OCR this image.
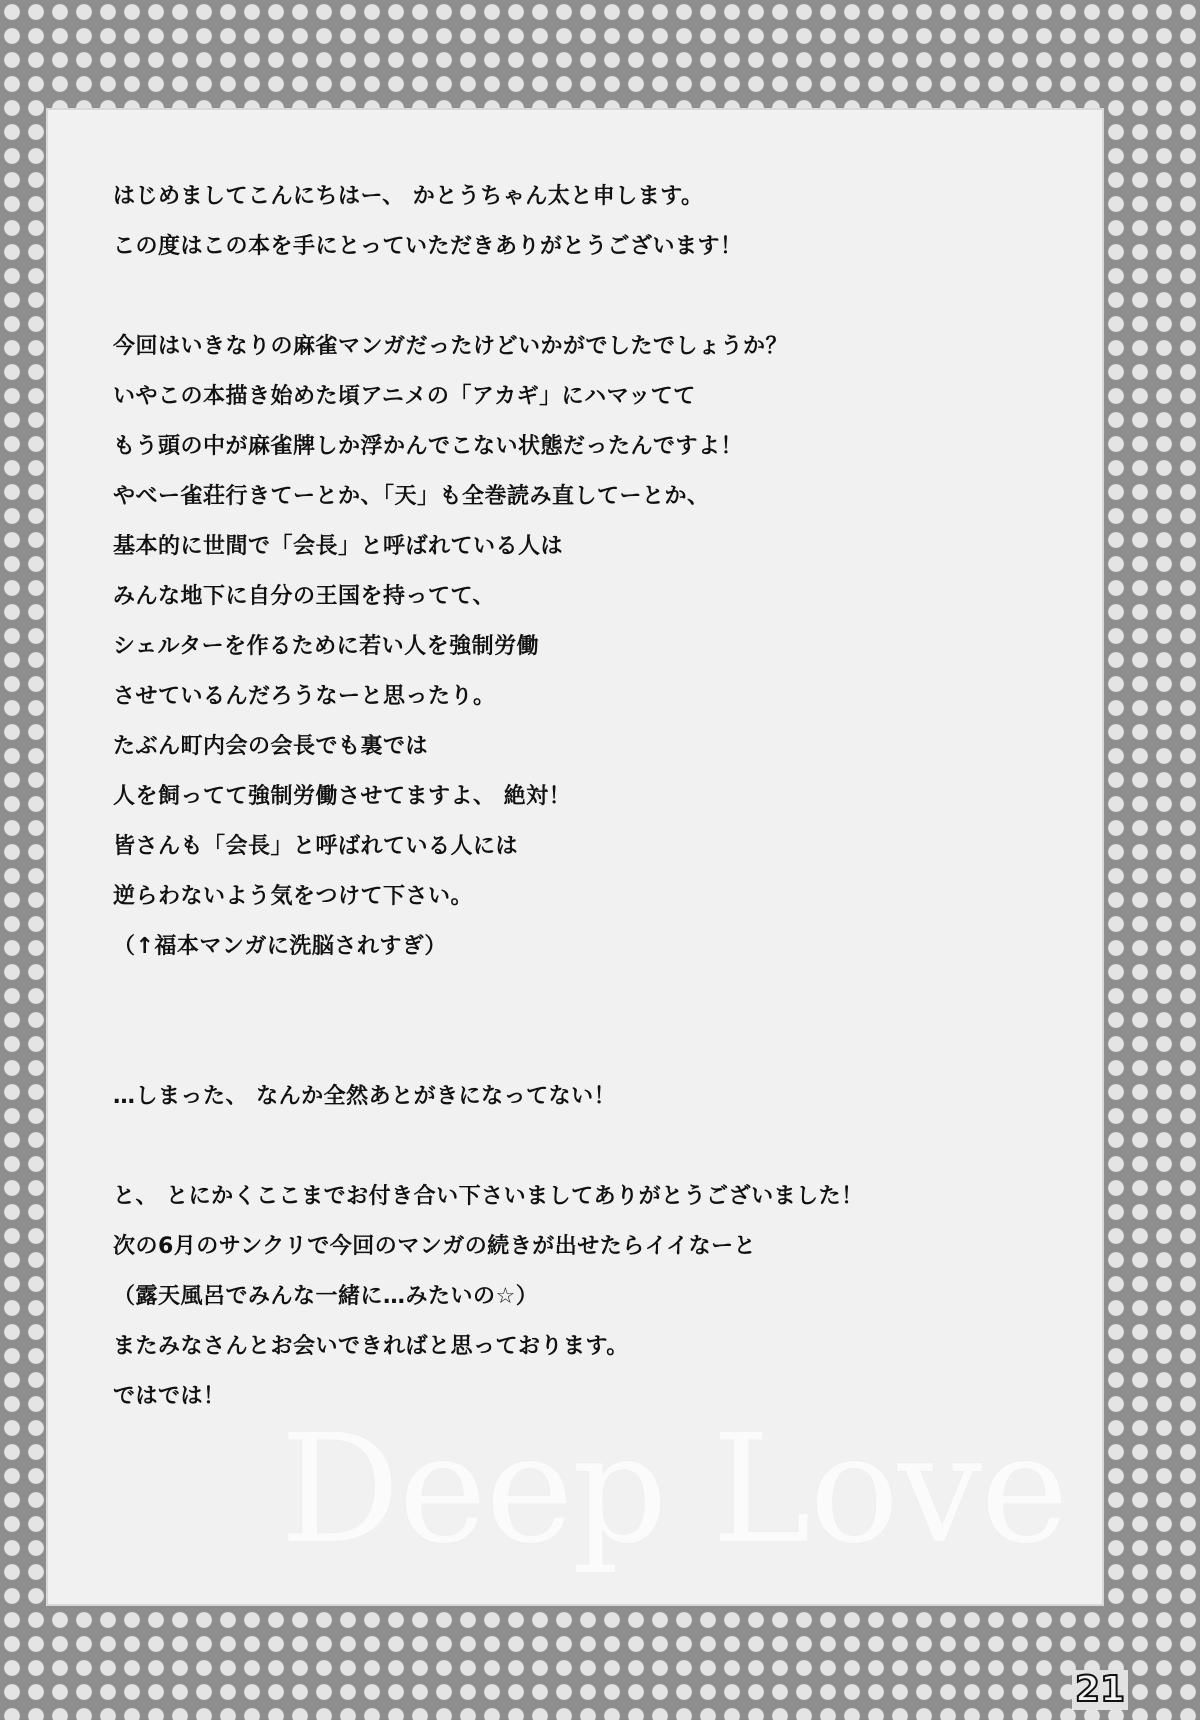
Deep Love
はじめましてこんにちはー、 かとうちゃん太と申します。
この度はこの本を手にとっていただきありがとうございます！
今回はいきなりの麻雀マンガだったけどいかがでしたでしょうか？
いやこの本描き始めた頃アニメの「アカギ」にハマッてて
もう頭の中が麻雀牌しか浮かんでこない状態だったんですよ！
やべー雀荘行きてーとか、「天」も全巻読み直してーとか、
基本的に世間で「会長」と呼ばれている人は
みんな地下に自分の王国を持ってて、
シェルターを作るために若い人を強制労働
させているんだろうなーと思ったり。
たぶん町内会の会長でも裏では
人を飼ってて強制労働させてますよ、 絶対！
皆さんも「会長」と呼ばれている人には
逆らわないよう気をつけて下さい。
（↑福本マンガに洗脳されすぎ）
…しまった、 なんか全然あとがきになってない！
と、 とにかくここまでお付き合い下さいましてありがとうございました！
次の6月のサンクリで今回のマンガの続きが出せたらイイなーと
（露天風呂でみんな一緒に…みたいの☆）
またみなさんとお会いできればと思っております。
ではでは！
21
